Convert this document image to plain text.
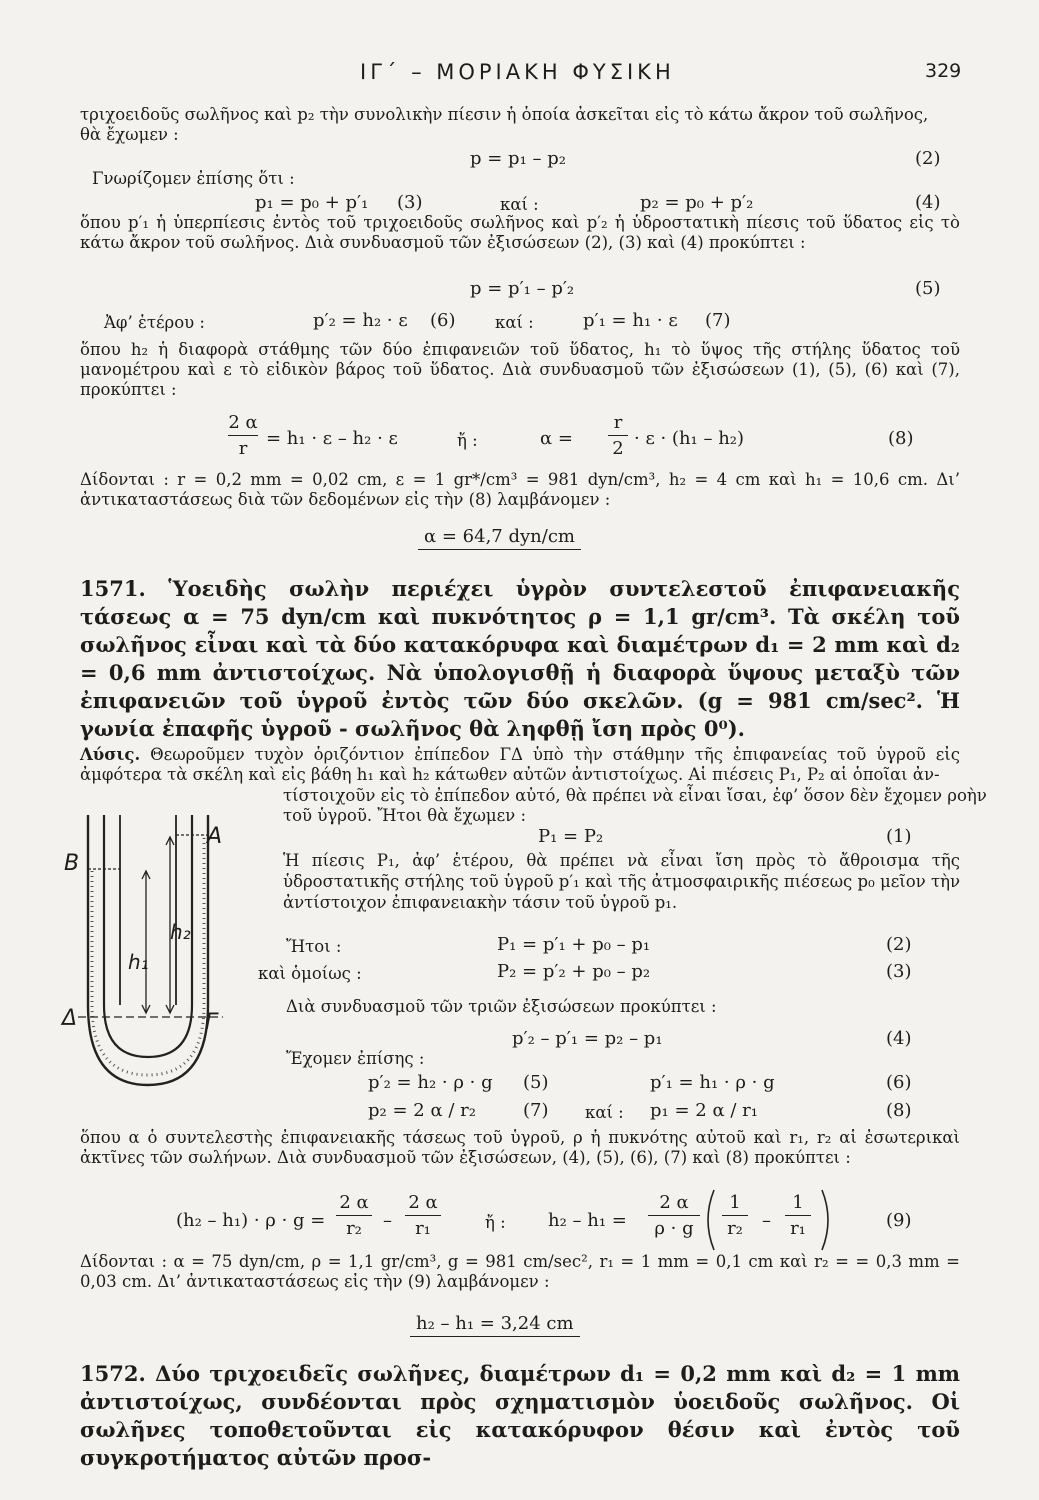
ΙΓ΄ – ΜΟΡΙΑΚΗ ΦΥΣΙΚΗ	329
τριχοειδοῦς σωλῆνος καὶ p₂ τὴν συνολικὴν πίεσιν ἡ ὁποία ἀσκεῖται εἰς τὸ κάτω ἄκρον τοῦ σωλῆνος,
θὰ ἔχωμεν :
p = p₁ – p₂	(2)
Γνωρίζομεν ἐπίσης ὅτι :
p₁ = p₀ + p′₁ (3)	καί :	p₂ = p₀ + p′₂	(4)
ὅπου p′₁ ἡ ὑπερπίεσις ἐντὸς τοῦ τριχοειδοῦς σωλῆνος καὶ p′₂ ἡ ὑδροστατικὴ πίεσις τοῦ ὕδατος εἰς τὸ κάτω ἄκρον τοῦ σωλῆνος. Διὰ συνδυασμοῦ τῶν ἐξισώσεων (2), (3) καὶ (4) προκύπτει :
p = p′₁ – p′₂	(5)
Ἀφ’ ἑτέρου :	p′₂ = h₂ · ε (6) καί :	p′₁ = h₁ · ε (7)
ὅπου h₂ ἡ διαφορὰ στάθμης τῶν δύο ἐπιφανειῶν τοῦ ὕδατος, h₁ τὸ ὕψος τῆς στήλης ὕδατος τοῦ μανομέτρου καὶ ε τὸ εἰδικὸν βάρος τοῦ ὕδατος. Διὰ συνδυασμοῦ τῶν ἐξισώσεων (1), (5), (6) καὶ (7), προκύπτει :
2 α
r	= h₁ · ε – h₂ · ε	ἤ :	α =
r
2 · ε · (h₁ – h₂)	(8)
Δίδονται : r = 0,2 mm = 0,02 cm, ε = 1 gr*/cm³ = 981 dyn/cm³, h₂ = 4 cm καὶ h₁ = 10,6 cm. Δι’ ἀντικαταστάσεως διὰ τῶν δεδομένων εἰς τὴν (8) λαμβάνομεν :
α = 64,7 dyn/cm
1571. Ὑοειδὴς σωλὴν περιέχει ὑγρὸν συντελεστοῦ ἐπιφανειακῆς τάσεως α = 75 dyn/cm καὶ πυκνότητος ρ = 1,1 gr/cm³. Τὰ σκέλη τοῦ σωλῆνος εἶναι καὶ τὰ δύο κατακόρυφα καὶ διαμέτρων d₁ = 2 mm καὶ d₂ = 0,6 mm ἀντιστοίχως. Νὰ ὑπολογισθῇ ἡ διαφορὰ ὕψους μεταξὺ τῶν ἐπιφανειῶν τοῦ ὑγροῦ ἐντὸς τῶν δύο σκελῶν. (g = 981 cm/sec². Ἡ γωνία ἐπαφῆς ὑγροῦ - σωλῆνος θὰ ληφθῇ ἴση πρὸς 0⁰).
Λύσις. Θεωροῦμεν τυχὸν ὁριζόντιον ἐπίπεδον ΓΔ ὑπὸ τὴν στάθμην τῆς ἐπιφανείας τοῦ ὑγροῦ εἰς ἀμφότερα τὰ σκέλη καὶ εἰς βάθη h₁ καὶ h₂ κάτωθεν αὐτῶν ἀντιστοίχως. Αἱ πιέσεις P₁, P₂ αἱ ὁποῖαι ἀν-
τίστοιχοῦν εἰς τὸ ἐπίπεδον αὐτό, θὰ πρέπει νὰ εἶναι ἴσαι, ἐφ’ ὅσον δὲν ἔχομεν ροὴν
τοῦ ὑγροῦ. Ἤτοι θὰ ἔχωμεν :
P₁ = P₂	(1)
Ἡ πίεσις P₁, ἀφ’ ἑτέρου, θὰ πρέπει νὰ εἶναι ἴση πρὸς τὸ ἄθροισμα τῆς ὑδροστατικῆς στήλης τοῦ ὑγροῦ p′₁ καὶ τῆς ἀτμοσφαιρικῆς πιέσεως p₀ μεῖον τὴν ἀντίστοιχον ἐπιφανειακὴν τάσιν τοῦ ὑγροῦ p₁.
Ἤτοι :	P₁ = p′₁ + p₀ – p₁	(2)
καὶ ὁμοίως :	P₂ = p′₂ + p₀ – p₂	(3)
Διὰ συνδυασμοῦ τῶν τριῶν ἐξισώσεων προκύπτει :
p′₂ – p′₁ = p₂ – p₁	(4)
Ἔχομεν ἐπίσης :
p′₂ = h₂ · ρ · g (5)	p′₁ = h₁ · ρ · g	(6)
p₂ = 2 α / r₂	(7) καί : p₁ = 2 α / r₁	(8)
ὅπου α ὁ συντελεστὴς ἐπιφανειακῆς τάσεως τοῦ ὑγροῦ, ρ ἡ πυκνότης αὐτοῦ καὶ r₁, r₂ αἱ ἐσωτερικαὶ ἀκτῖνες τῶν σωλήνων. Διὰ συνδυασμοῦ τῶν ἐξισώσεων, (4), (5), (6), (7) καὶ (8) προκύπτει :
(h₂ – h₁) · ρ · g =
2 α
r₂	–
2 α
r₁	ἤ : h₂ – h₁ =
2 α
ρ · g
1
r₂ –
1
r₁	(9)
Δίδονται : α = 75 dyn/cm, ρ = 1,1 gr/cm³, g = 981 cm/sec², r₁ = 1 mm = 0,1 cm καὶ r₂ = = 0,3 mm = 0,03 cm. Δι’ ἀντικαταστάσεως εἰς τὴν (9) λαμβάνομεν :
h₂ – h₁ = 3,24 cm
1572. Δύο τριχοειδεῖς σωλῆνες, διαμέτρων d₁ = 0,2 mm καὶ d₂ = 1 mm ἀντιστοίχως, συνδέονται πρὸς σχηματισμὸν ὑοειδοῦς σωλῆνος. Οἱ σωλῆνες τοποθετοῦνται εἰς κατακόρυφον θέσιν καὶ ἐντὸς τοῦ συγκροτήματος αὐτῶν προσ-
B
A
h₂
h₁
Δ	Γ
